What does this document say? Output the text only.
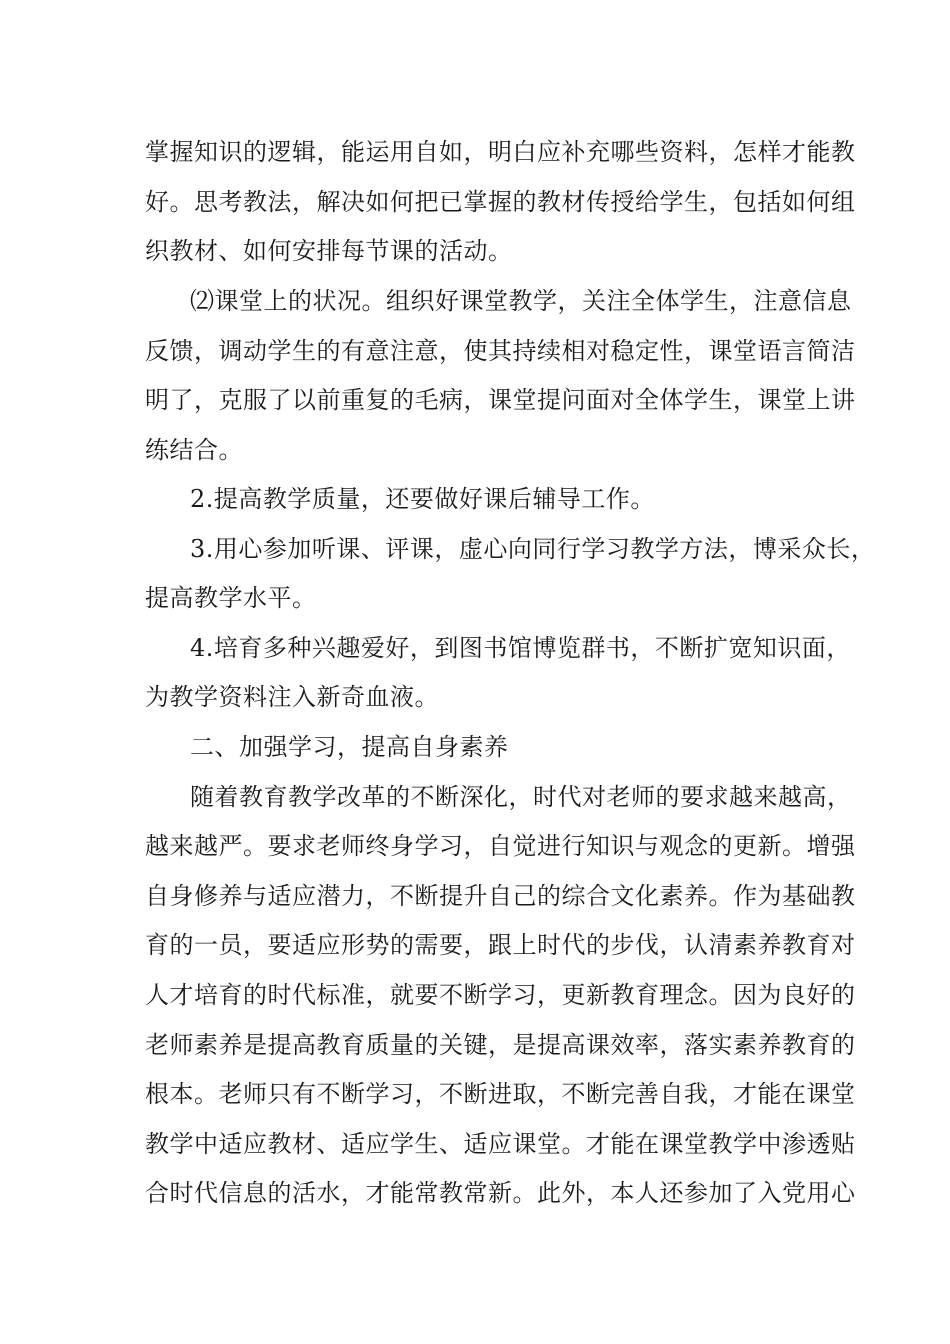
掌握知识的逻辑，能运用自如，明白应补充哪些资料，怎样才能教
好。思考教法，解决如何把已掌握的教材传授给学生，包括如何组
织教材、如何安排每节课的活动。
⑵课堂上的状况。组织好课堂教学，关注全体学生，注意信息
反馈，调动学生的有意注意，使其持续相对稳定性，课堂语言简洁
明了，克服了以前重复的毛病，课堂提问面对全体学生，课堂上讲
练结合。
2.提高教学质量，还要做好课后辅导工作。
3.用心参加听课、评课，虚心向同行学习教学方法，博采众长，
提高教学水平。
4.培育多种兴趣爱好，到图书馆博览群书，不断扩宽知识面，
为教学资料注入新奇血液。
二、加强学习，提高自身素养
随着教育教学改革的不断深化，时代对老师的要求越来越高，
越来越严。要求老师终身学习，自觉进行知识与观念的更新。增强
自身修养与适应潜力，不断提升自己的综合文化素养。作为基础教
育的一员，要适应形势的需要，跟上时代的步伐，认清素养教育对
人才培育的时代标准，就要不断学习，更新教育理念。因为良好的
老师素养是提高教育质量的关键，是提高课效率，落实素养教育的
根本。老师只有不断学习，不断进取，不断完善自我，才能在课堂
教学中适应教材、适应学生、适应课堂。才能在课堂教学中渗透贴
合时代信息的活水，才能常教常新。此外，本人还参加了入党用心
